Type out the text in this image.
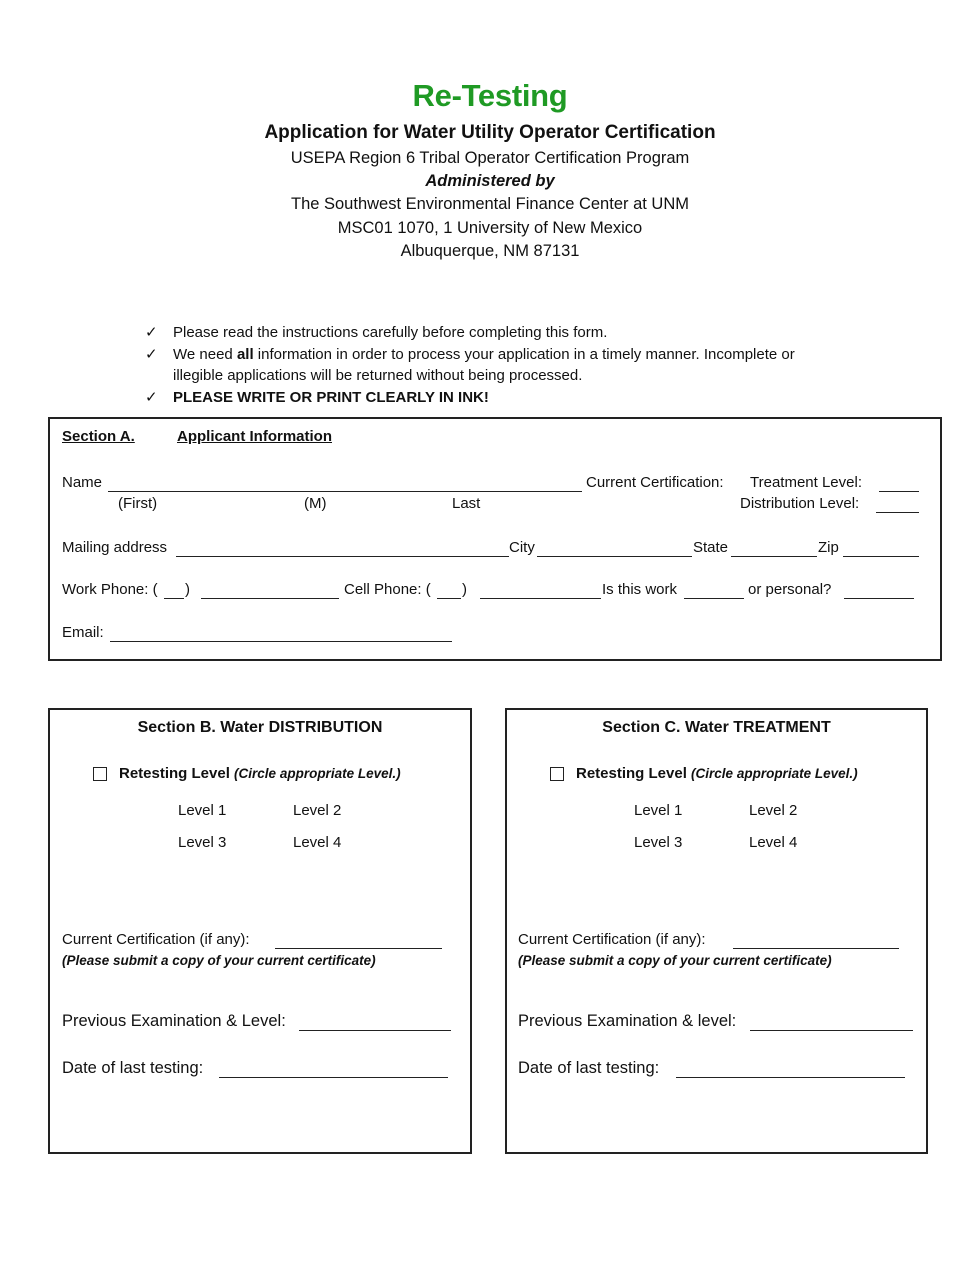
Re-Testing
Application for Water Utility Operator Certification
USEPA Region 6 Tribal Operator Certification Program
Administered by
The Southwest Environmental Finance Center at UNM
MSC01 1070, 1 University of New Mexico
Albuquerque, NM 87131
✓	Please read the instructions carefully before completing this form.
✓	We need all information in order to process your application in a timely manner. Incomplete or
illegible applications will be returned without being processed.
✓	PLEASE WRITE OR PRINT CLEARLY IN INK!
Section A.	Applicant Information
Name
(First)	(M)	Last
Current Certification: Treatment Level:
Distribution Level:
Mailing address	City	State	Zip
Work Phone: ( )	Cell Phone: ( )	Is this work	or personal?
Email:
Section B. Water DISTRIBUTION
Retesting Level (Circle appropriate Level.)
Level 1	Level 2
Level 3	Level 4
Current Certification (if any):
(Please submit a copy of your current certificate)
Previous Examination & Level:
Date of last testing:
Section C. Water TREATMENT
Retesting Level (Circle appropriate Level.)
Level 1	Level 2
Level 3	Level 4
Current Certification (if any):
(Please submit a copy of your current certificate)
Previous Examination & level:
Date of last testing:
